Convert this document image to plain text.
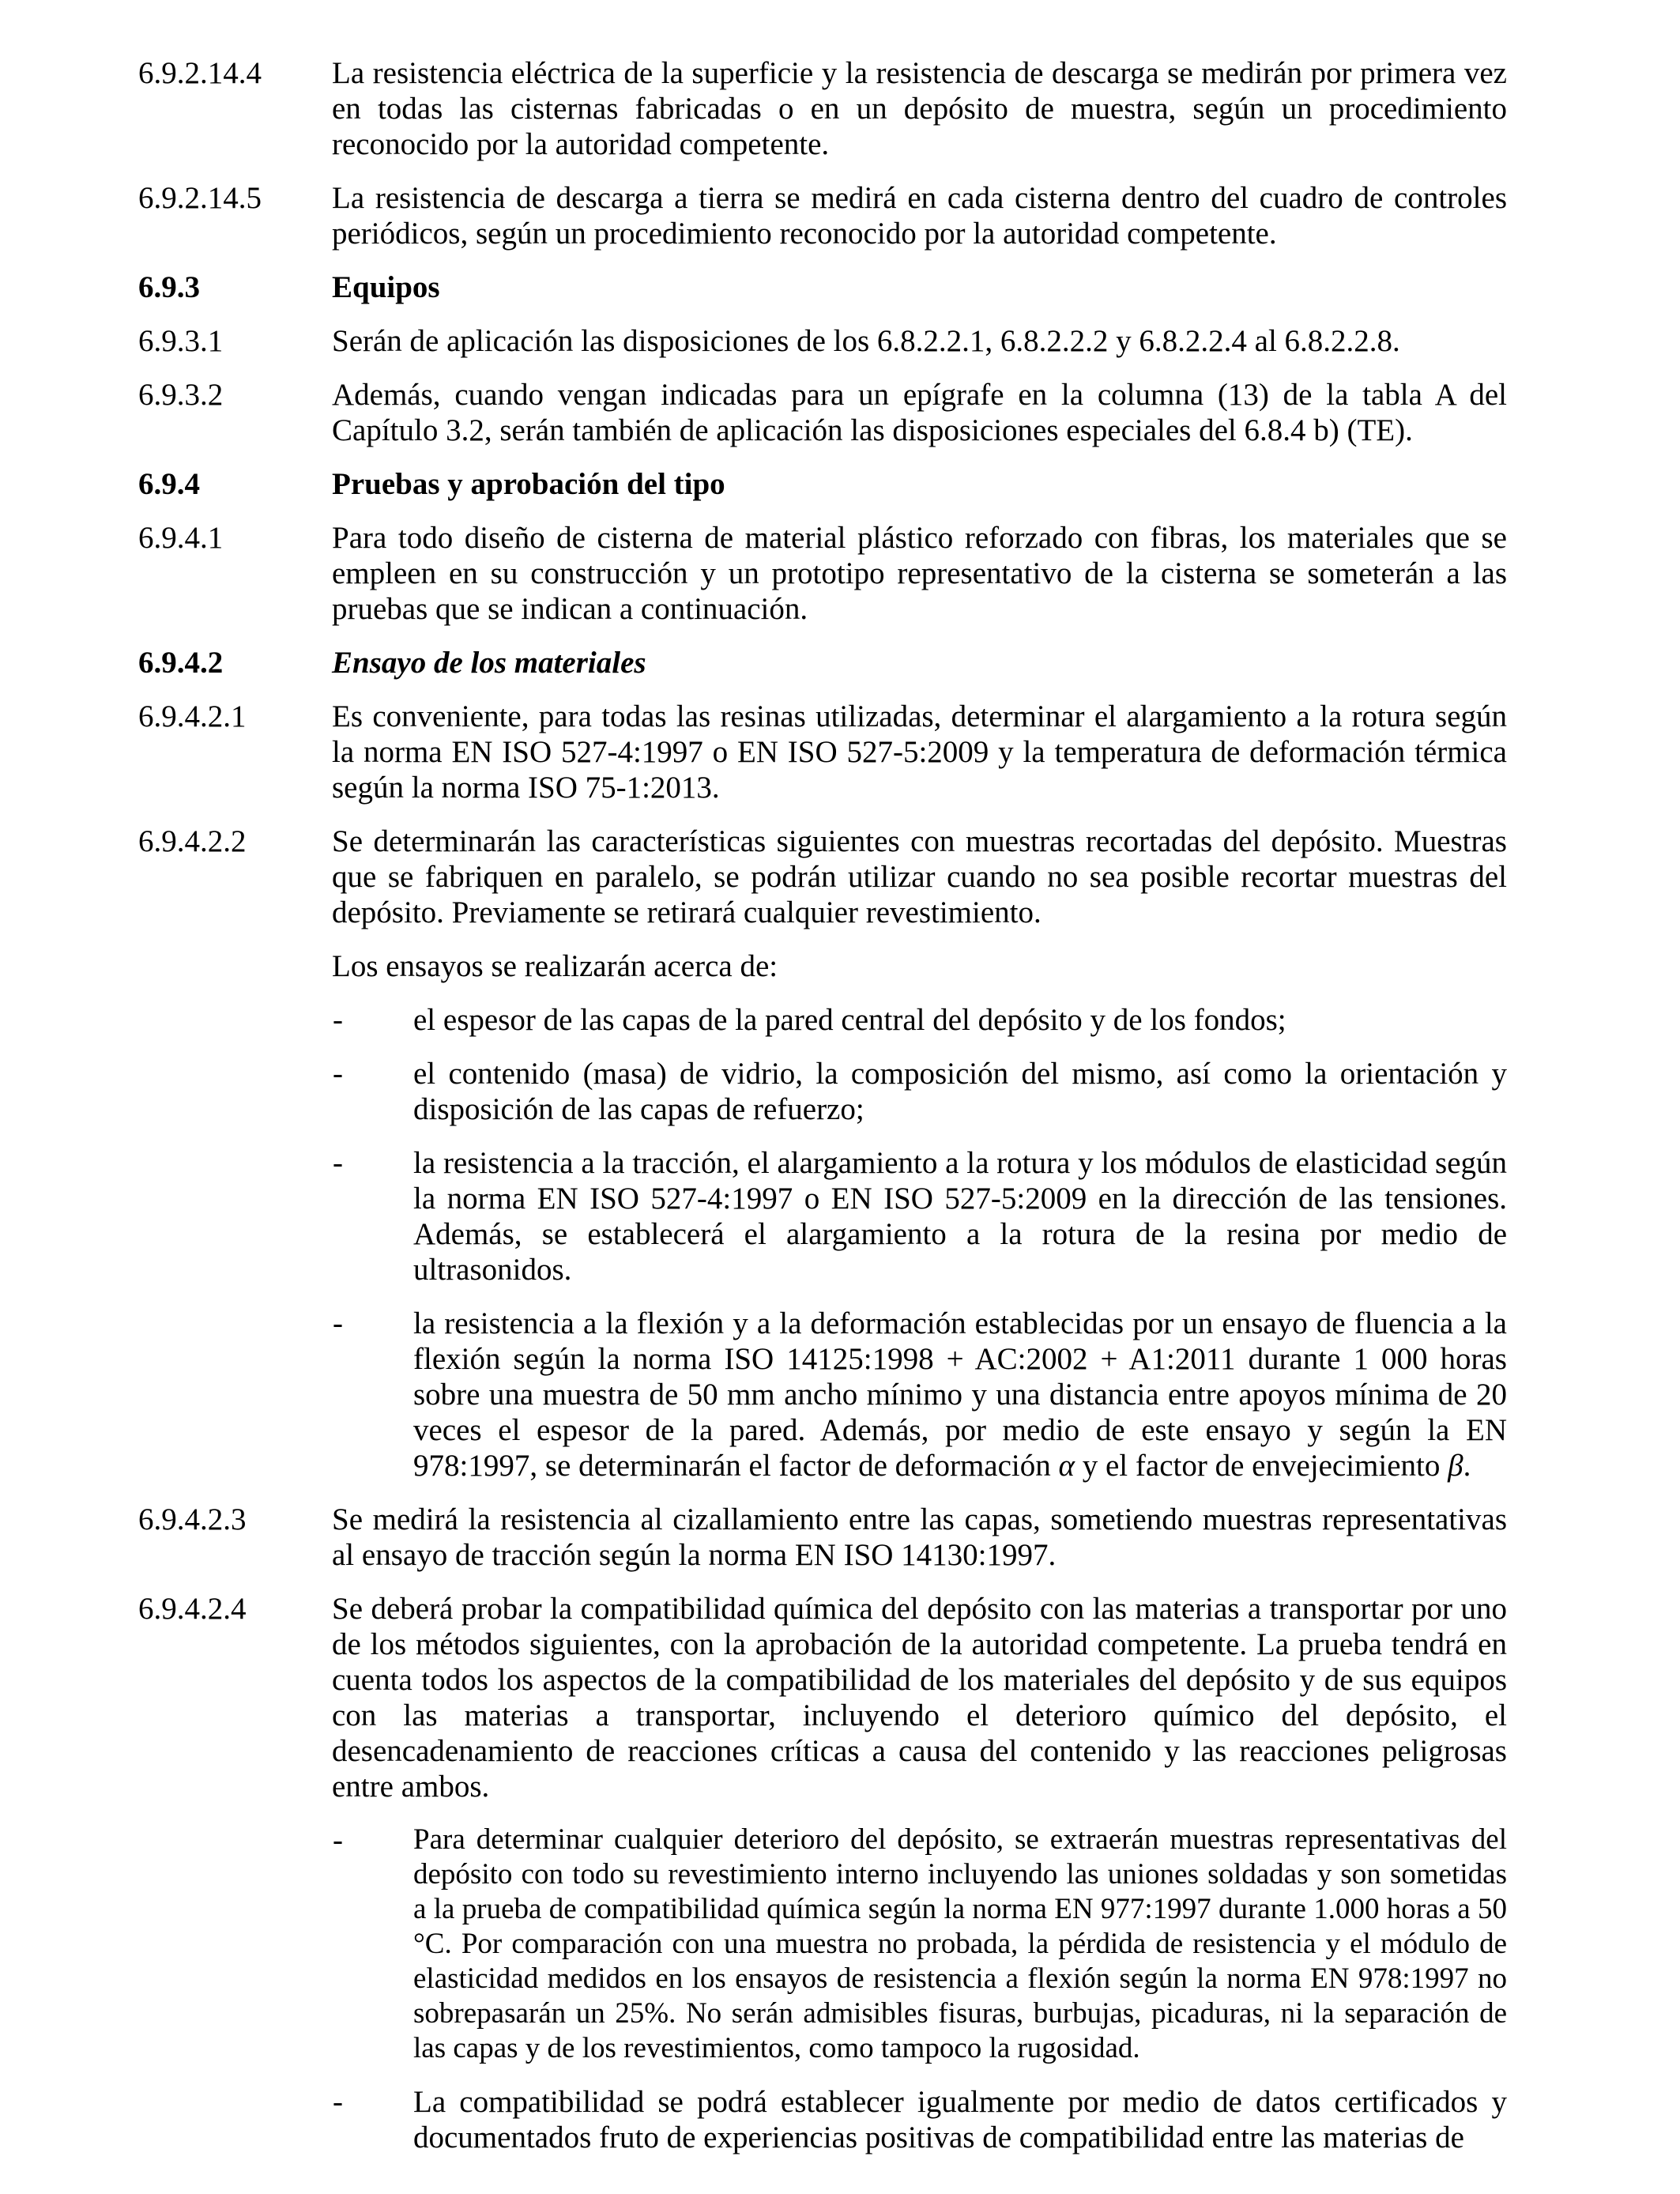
6.9.2.14.4 La resistencia eléctrica de la superficie y la resistencia de descarga se medirán por primera vez en todas las cisternas fabricadas o en un depósito de muestra, según un procedimiento reconocido por la autoridad competente.
6.9.2.14.5 La resistencia de descarga a tierra se medirá en cada cisterna dentro del cuadro de controles periódicos, según un procedimiento reconocido por la autoridad competente.
6.9.3	Equipos
6.9.3.1	Serán de aplicación las disposiciones de los 6.8.2.2.1, 6.8.2.2.2 y 6.8.2.2.4 al 6.8.2.2.8.
6.9.3.2	Además, cuando vengan indicadas para un epígrafe en la columna (13) de la tabla A del Capítulo 3.2, serán también de aplicación las disposiciones especiales del 6.8.4 b) (TE).
6.9.4	Pruebas y aprobación del tipo
6.9.4.1	Para todo diseño de cisterna de material plástico reforzado con fibras, los materiales que se empleen en su construcción y un prototipo representativo de la cisterna se someterán a las pruebas que se indican a continuación.
6.9.4.2	Ensayo de los materiales
6.9.4.2.1	Es conveniente, para todas las resinas utilizadas, determinar el alargamiento a la rotura según la norma EN ISO 527-4:1997 o EN ISO 527-5:2009 y la temperatura de deformación térmica según la norma ISO 75-1:2013.
6.9.4.2.2	Se determinarán las características siguientes con muestras recortadas del depósito. Muestras que se fabriquen en paralelo, se podrán utilizar cuando no sea posible recortar muestras del depósito. Previamente se retirará cualquier revestimiento.
Los ensayos se realizarán acerca de:
- el espesor de las capas de la pared central del depósito y de los fondos;
- el contenido (masa) de vidrio, la composición del mismo, así como la orientación y disposición de las capas de refuerzo;
- la resistencia a la tracción, el alargamiento a la rotura y los módulos de elasticidad según la norma EN ISO 527-4:1997 o EN ISO 527-5:2009 en la dirección de las tensiones. Además, se establecerá el alargamiento a la rotura de la resina por medio de ultrasonidos.
- la resistencia a la flexión y a la deformación establecidas por un ensayo de fluencia a la flexión según la norma ISO 14125:1998 + AC:2002 + A1:2011 durante 1 000 horas sobre una muestra de 50 mm ancho mínimo y una distancia entre apoyos mínima de 20 veces el espesor de la pared. Además, por medio de este ensayo y según la EN 978:1997, se determinarán el factor de deformación α y el factor de envejecimiento β.
6.9.4.2.3	Se medirá la resistencia al cizallamiento entre las capas, sometiendo muestras representativas al ensayo de tracción según la norma EN ISO 14130:1997.
6.9.4.2.4	Se deberá probar la compatibilidad química del depósito con las materias a transportar por uno de los métodos siguientes, con la aprobación de la autoridad competente. La prueba tendrá en cuenta todos los aspectos de la compatibilidad de los materiales del depósito y de sus equipos con las materias a transportar, incluyendo el deterioro químico del depósito, el desencadenamiento de reacciones críticas a causa del contenido y las reacciones peligrosas entre ambos.
- Para determinar cualquier deterioro del depósito, se extraerán muestras representativas del depósito con todo su revestimiento interno incluyendo las uniones soldadas y son sometidas a la prueba de compatibilidad química según la norma EN 977:1997 durante 1.000 horas a 50 °C. Por comparación con una muestra no probada, la pérdida de resistencia y el módulo de elasticidad medidos en los ensayos de resistencia a flexión según la norma EN 978:1997 no sobrepasarán un 25%. No serán admisibles fisuras, burbujas, picaduras, ni la separación de las capas y de los revestimientos, como tampoco la rugosidad.
- La compatibilidad se podrá establecer igualmente por medio de datos certificados y documentados fruto de experiencias positivas de compatibilidad entre las materias de
